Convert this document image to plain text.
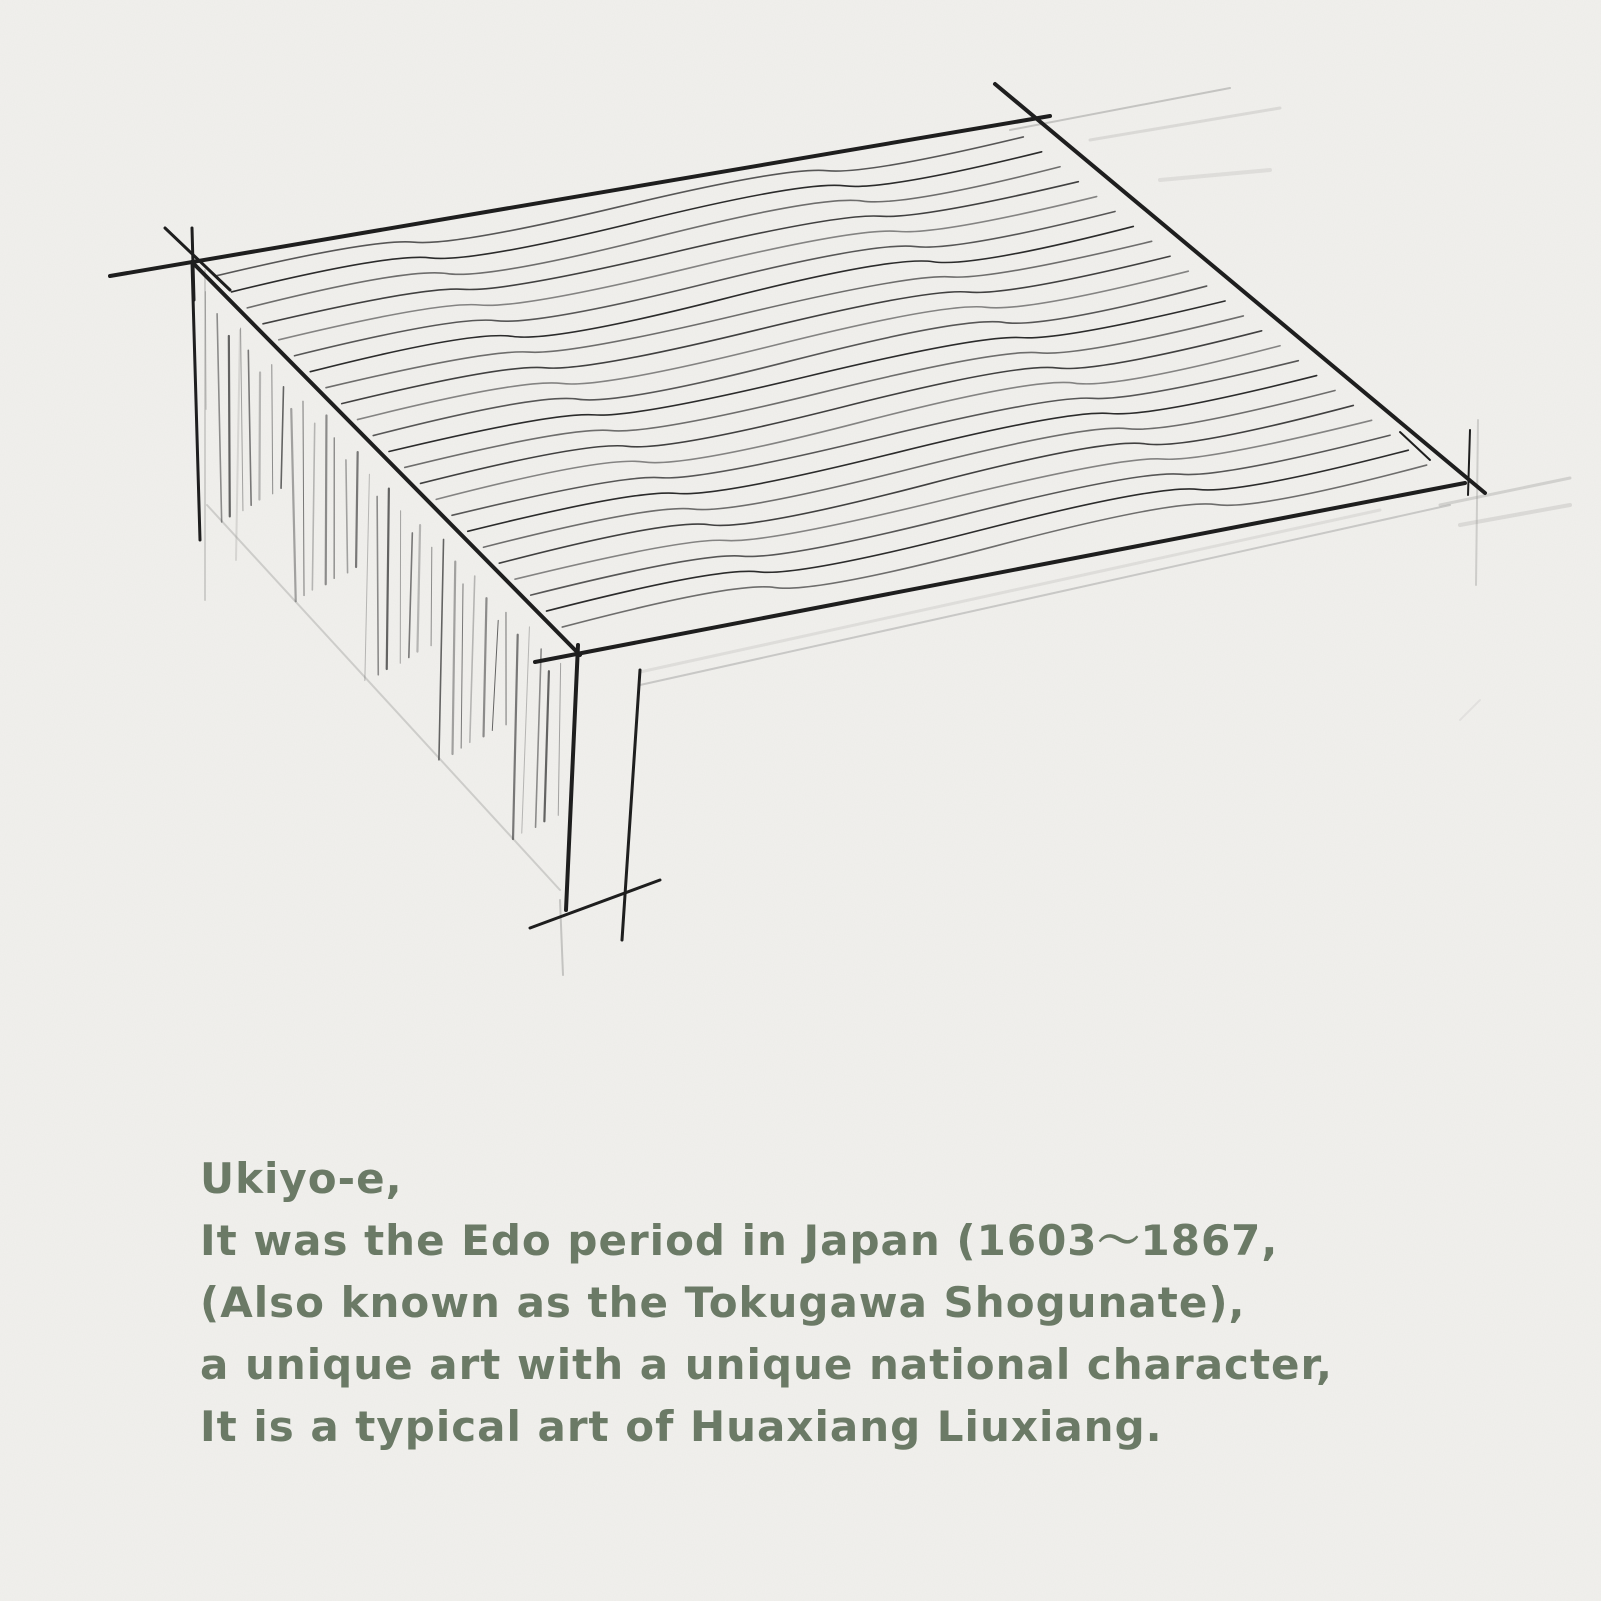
Ukiyo-e,
It was the Edo period in Japan (1603～1867,
(Also known as the Tokugawa Shogunate),
a unique art with a unique national character,
It is a typical art of Huaxiang Liuxiang.
